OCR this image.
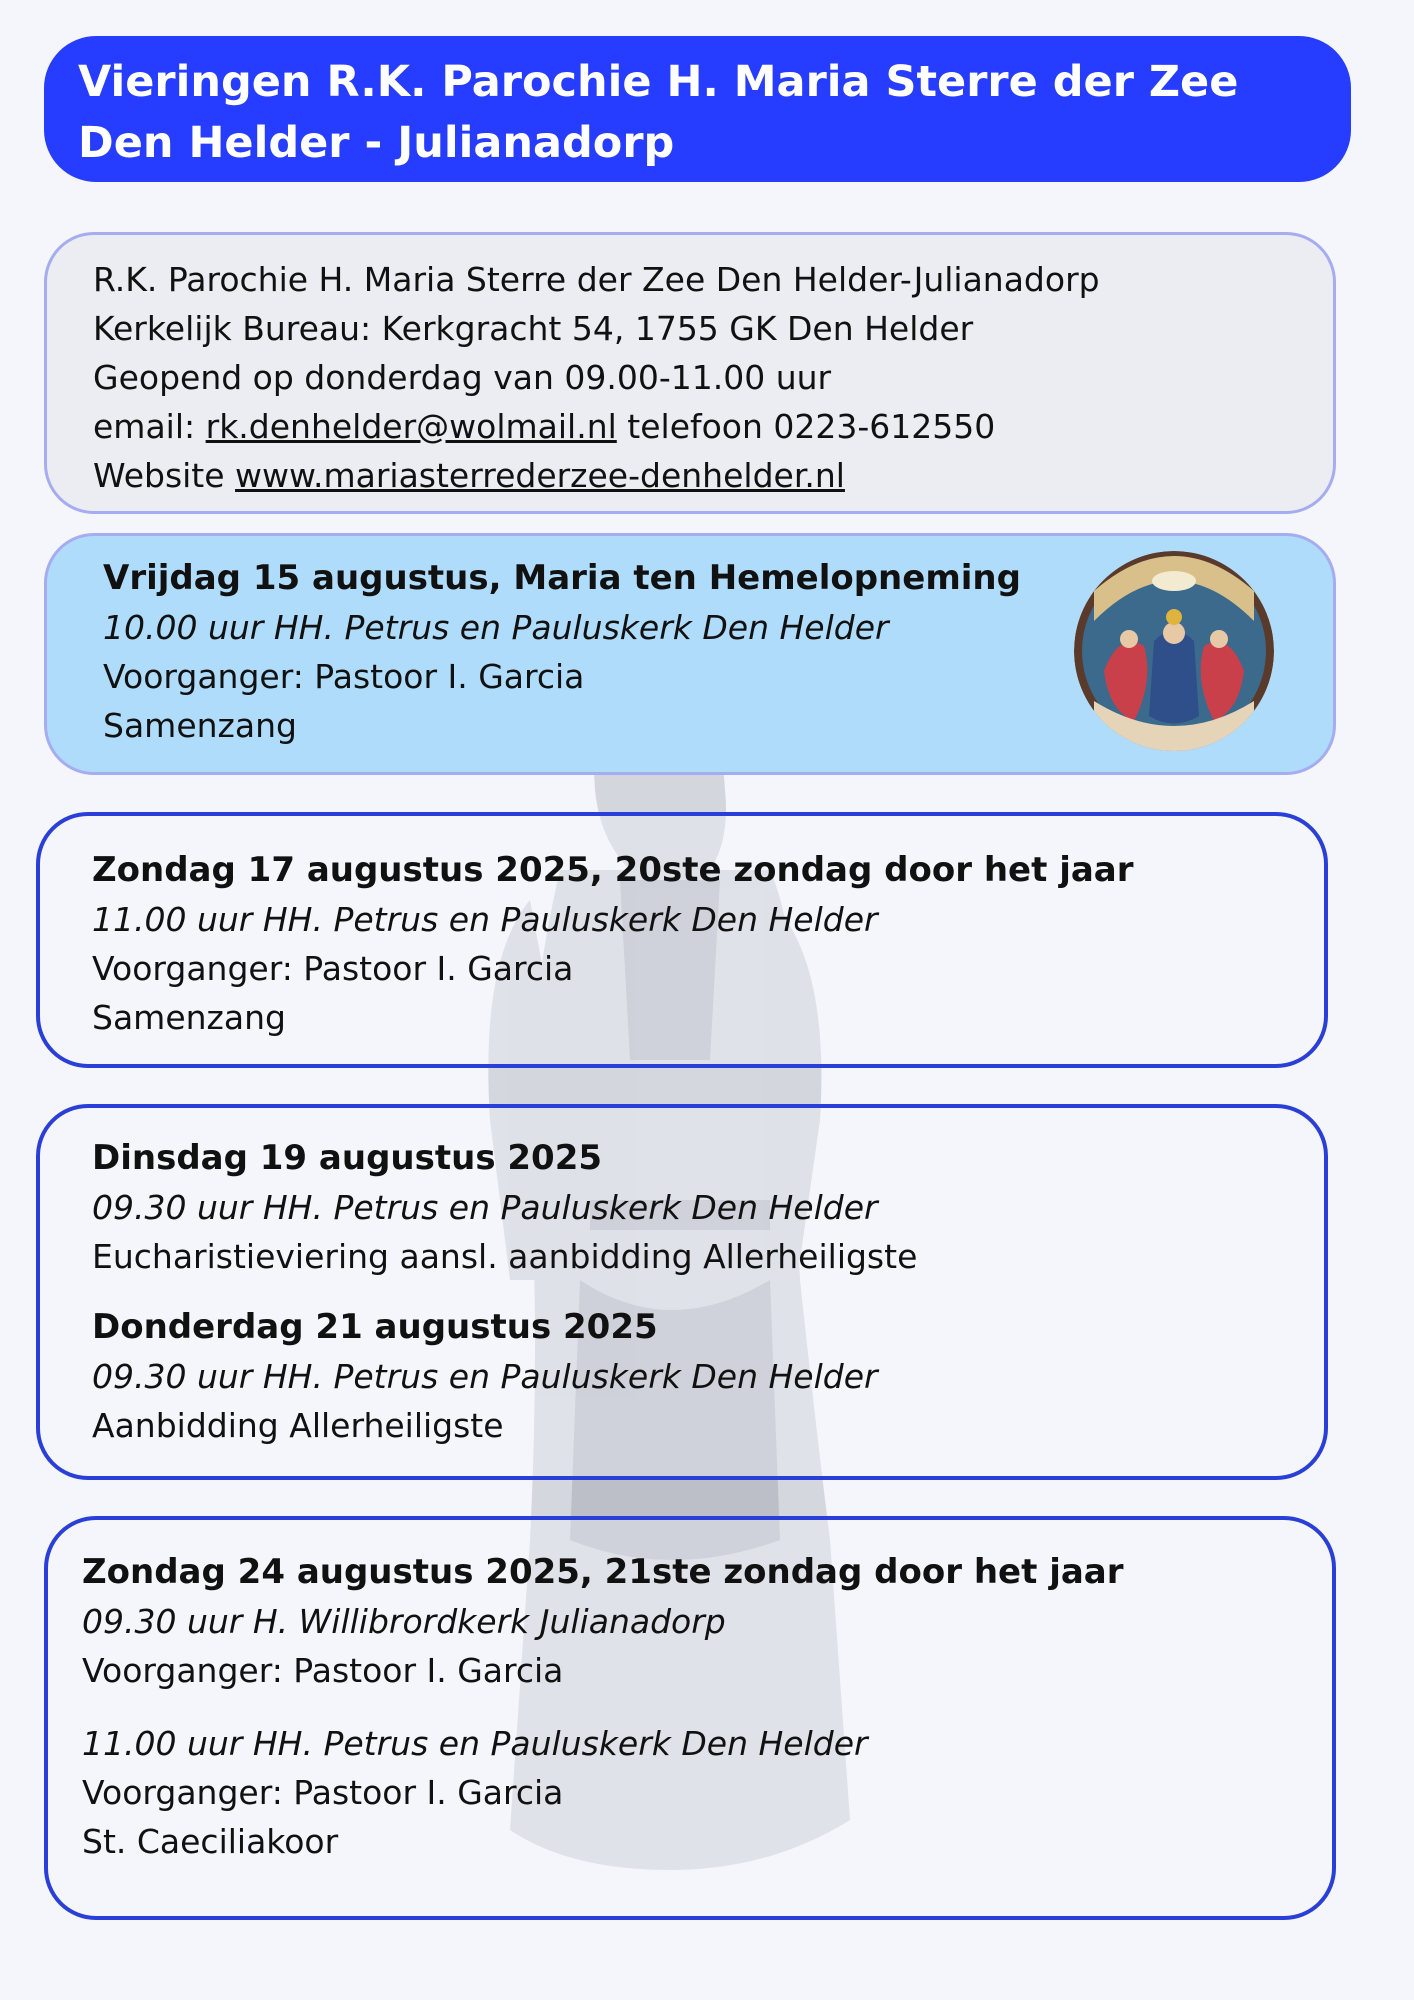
Vieringen R.K. Parochie H. Maria Sterre der Zee
Den Helder - Julianadorp
R.K. Parochie H. Maria Sterre der Zee Den Helder-Julianadorp
Kerkelijk Bureau: Kerkgracht 54, 1755 GK Den Helder
Geopend op donderdag van 09.00-11.00 uur
email: rk.denhelder@wolmail.nl telefoon 0223-612550
Website www.mariasterrederzee-denhelder.nl
Vrijdag 15 augustus, Maria ten Hemelopneming
10.00 uur HH. Petrus en Pauluskerk Den Helder
Voorganger: Pastoor I. Garcia
Samenzang
Zondag 17 augustus 2025, 20ste zondag door het jaar
11.00 uur HH. Petrus en Pauluskerk Den Helder
Voorganger: Pastoor I. Garcia
Samenzang
Dinsdag 19 augustus 2025
09.30 uur HH. Petrus en Pauluskerk Den Helder
Eucharistieviering aansl. aanbidding Allerheiligste
Donderdag 21 augustus 2025
09.30 uur HH. Petrus en Pauluskerk Den Helder
Aanbidding Allerheiligste
Zondag 24 augustus 2025, 21ste zondag door het jaar
09.30 uur H. Willibrordkerk Julianadorp
Voorganger: Pastoor I. Garcia
11.00 uur HH. Petrus en Pauluskerk Den Helder
Voorganger: Pastoor I. Garcia
St. Caeciliakoor
